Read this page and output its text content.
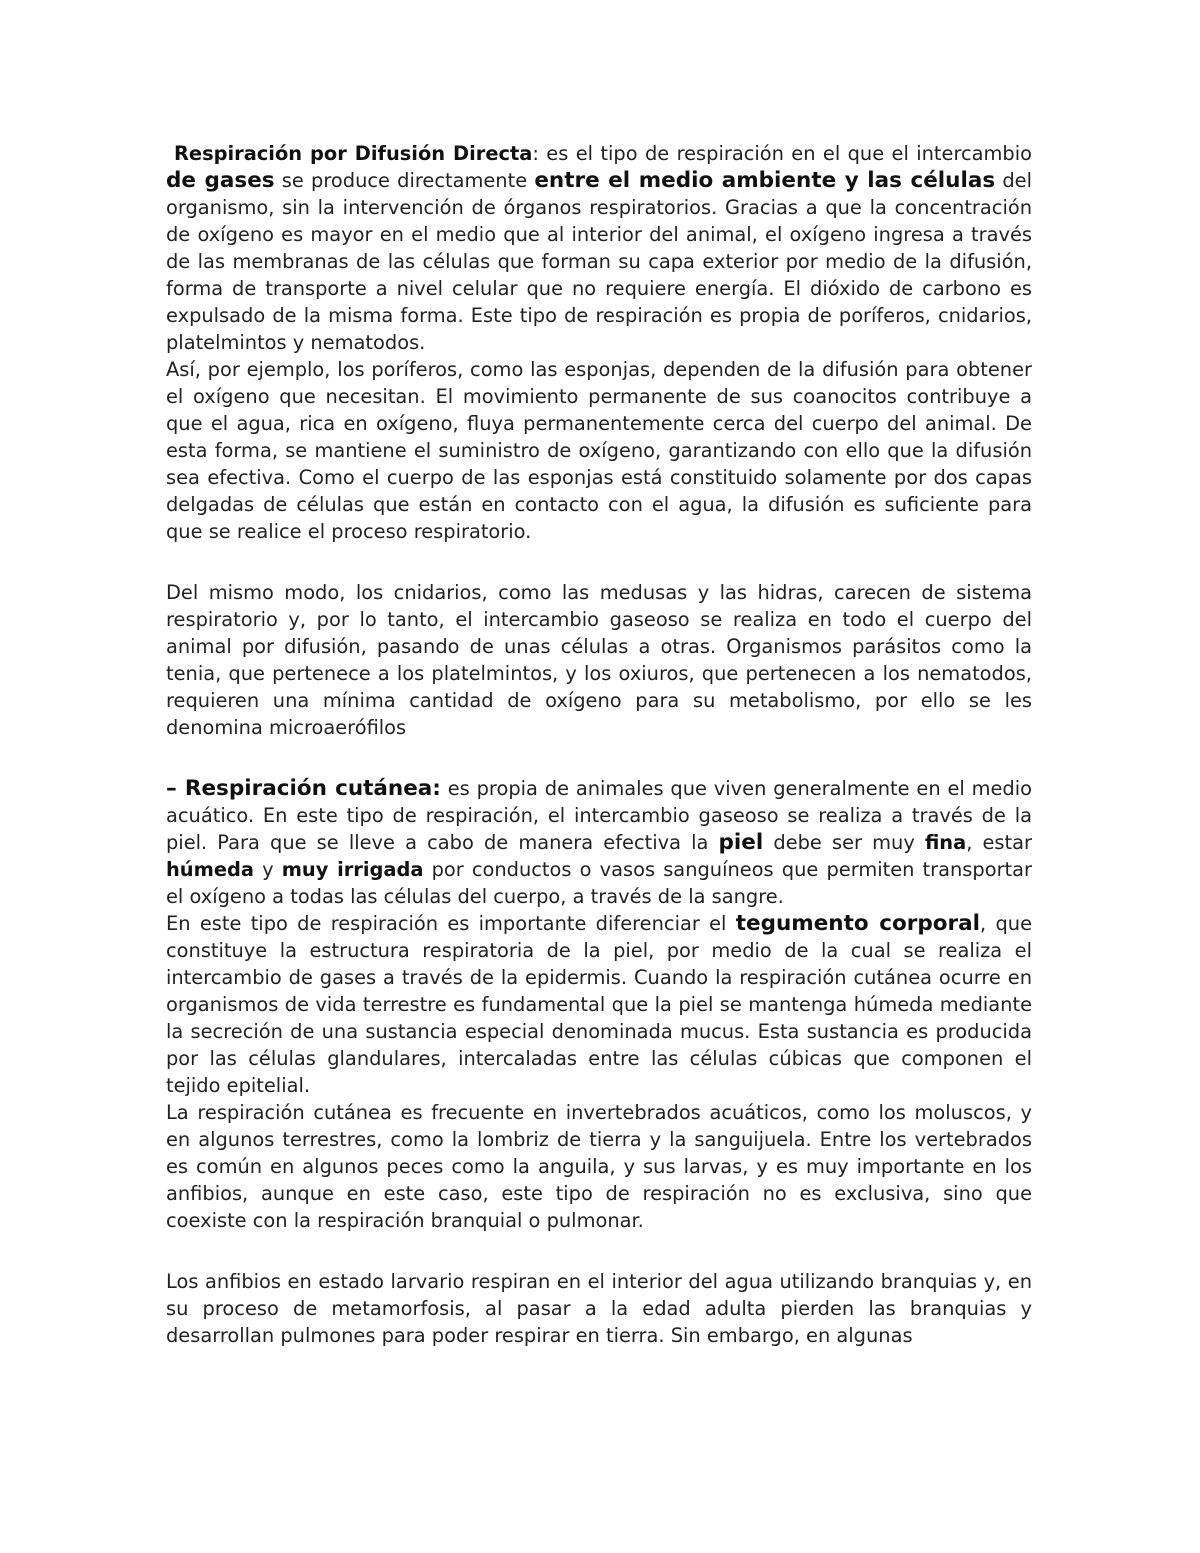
Respiración por Difusión Directa: es el tipo de respiración en el que el intercambio de gases se produce directamente entre el medio ambiente y las células del organismo, sin la intervención de órganos respiratorios. Gracias a que la concentración de oxígeno es mayor en el medio que al interior del animal, el oxígeno ingresa a través de las membranas de las células que forman su capa exterior por medio de la difusión, forma de transporte a nivel celular que no requiere energía. El dióxido de carbono es expulsado de la misma forma. Este tipo de respiración es propia de poríferos, cnidarios, platelmintos y nematodos.

Así, por ejemplo, los poríferos, como las esponjas, dependen de la difusión para obtener el oxígeno que necesitan. El movimiento permanente de sus coanocitos contribuye a que el agua, rica en oxígeno, fluya permanentemente cerca del cuerpo del animal. De esta forma, se mantiene el suministro de oxígeno, garantizando con ello que la difusión sea efectiva. Como el cuerpo de las esponjas está constituido solamente por dos capas delgadas de células que están en contacto con el agua, la difusión es suficiente para que se realice el proceso respiratorio.

Del mismo modo, los cnidarios, como las medusas y las hidras, carecen de sistema respiratorio y, por lo tanto, el intercambio gaseoso se realiza en todo el cuerpo del animal por difusión, pasando de unas células a otras. Organismos parásitos como la tenia, que pertenece a los platelmintos, y los oxiuros, que pertenecen a los nematodos, requieren una mínima cantidad de oxígeno para su metabolismo, por ello se les denomina microaerófilos

– Respiración cutánea: es propia de animales que viven generalmente en el medio acuático. En este tipo de respiración, el intercambio gaseoso se realiza a través de la piel. Para que se lleve a cabo de manera efectiva la piel debe ser muy fina, estar húmeda y muy irrigada por conductos o vasos sanguíneos que permiten transportar el oxígeno a todas las células del cuerpo, a través de la sangre.

En este tipo de respiración es importante diferenciar el tegumento corporal, que constituye la estructura respiratoria de la piel, por medio de la cual se realiza el intercambio de gases a través de la epidermis. Cuando la respiración cutánea ocurre en organismos de vida terrestre es fundamental que la piel se mantenga húmeda mediante la secreción de una sustancia especial denominada mucus. Esta sustancia es producida por las células glandulares, intercaladas entre las células cúbicas que componen el tejido epitelial.

La respiración cutánea es frecuente en invertebrados acuáticos, como los moluscos, y en algunos terrestres, como la lombriz de tierra y la sanguijuela. Entre los vertebrados es común en algunos peces como la anguila, y sus larvas, y es muy importante en los anfibios, aunque en este caso, este tipo de respiración no es exclusiva, sino que coexiste con la respiración branquial o pulmonar.

Los anfibios en estado larvario respiran en el interior del agua utilizando branquias y, en su proceso de metamorfosis, al pasar a la edad adulta pierden las branquias y desarrollan pulmones para poder respirar en tierra. Sin embargo, en algunas
